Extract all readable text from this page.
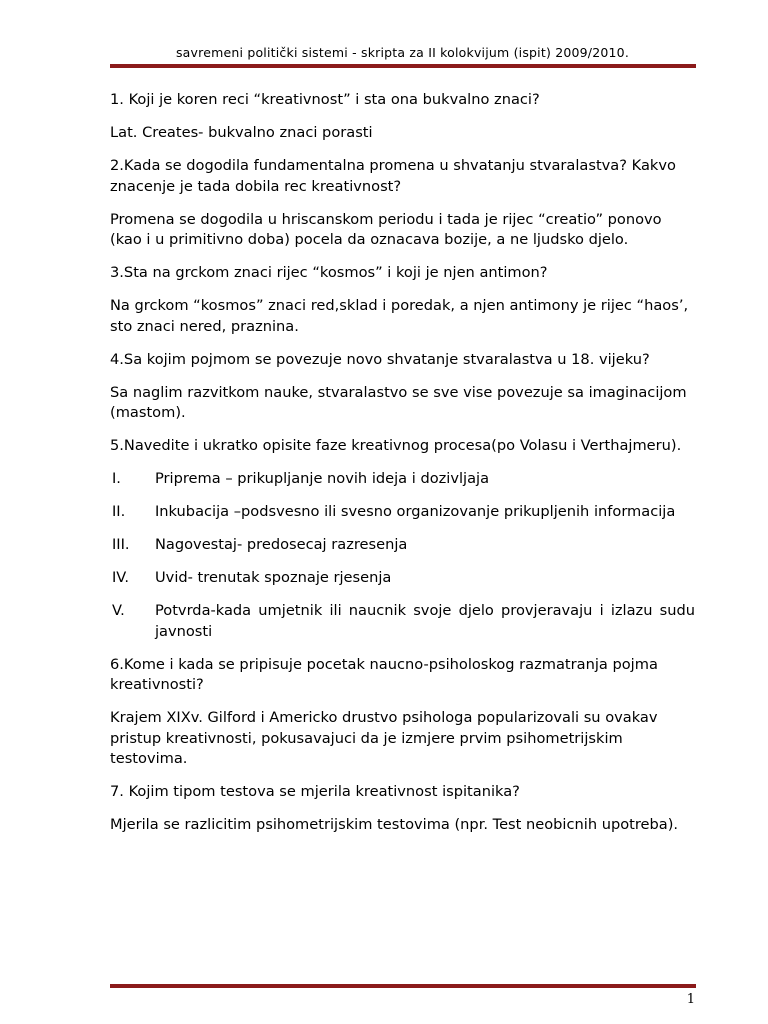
savremeni politički sistemi - skripta za II kolokvijum (ispit) 2009/2010.

1. Koji je koren reci “kreativnost” i sta ona bukvalno znaci?

Lat. Creates- bukvalno znaci porasti

2.Kada se dogodila fundamentalna promena u shvatanju stvaralastva? Kakvo znacenje je tada dobila rec kreativnost?

Promena se dogodila u hriscanskom periodu i tada je rijec “creatio” ponovo (kao i u primitivno doba) pocela da oznacava bozije, a ne ljudsko djelo.

3.Sta na grckom znaci rijec “kosmos” i koji je njen antimon?

Na grckom “kosmos” znaci red,sklad i poredak, a njen antimony je rijec “haos’, sto znaci nered, praznina.

4.Sa kojim pojmom se povezuje novo shvatanje stvaralastva u 18. vijeku?

Sa naglim razvitkom nauke, stvaralastvo se sve vise povezuje sa imaginacijom (mastom).

5.Navedite i ukratko opisite faze kreativnog procesa(po Volasu i Verthajmeru).

I.	Priprema – prikupljanje novih ideja i dozivljaja
II.	Inkubacija –podsvesno ili svesno organizovanje prikupljenih informacija
III.	Nagovestaj- predosecaj razresenja
IV.	Uvid- trenutak spoznaje rjesenja
V.	Potvrda-kada umjetnik ili naucnik svoje djelo provjeravaju i izlazu sudu javnosti

6.Kome i kada se pripisuje pocetak naucno-psiholoskog razmatranja pojma kreativnosti?

Krajem XIXv. Gilford i Americko drustvo psihologa popularizovali su ovakav pristup kreativnosti, pokusavajuci da je izmjere prvim psihometrijskim testovima.

7. Kojim tipom testova se mjerila kreativnost ispitanika?

Mjerila se razlicitim psihometrijskim testovima (npr. Test neobicnih upotreba).

1
